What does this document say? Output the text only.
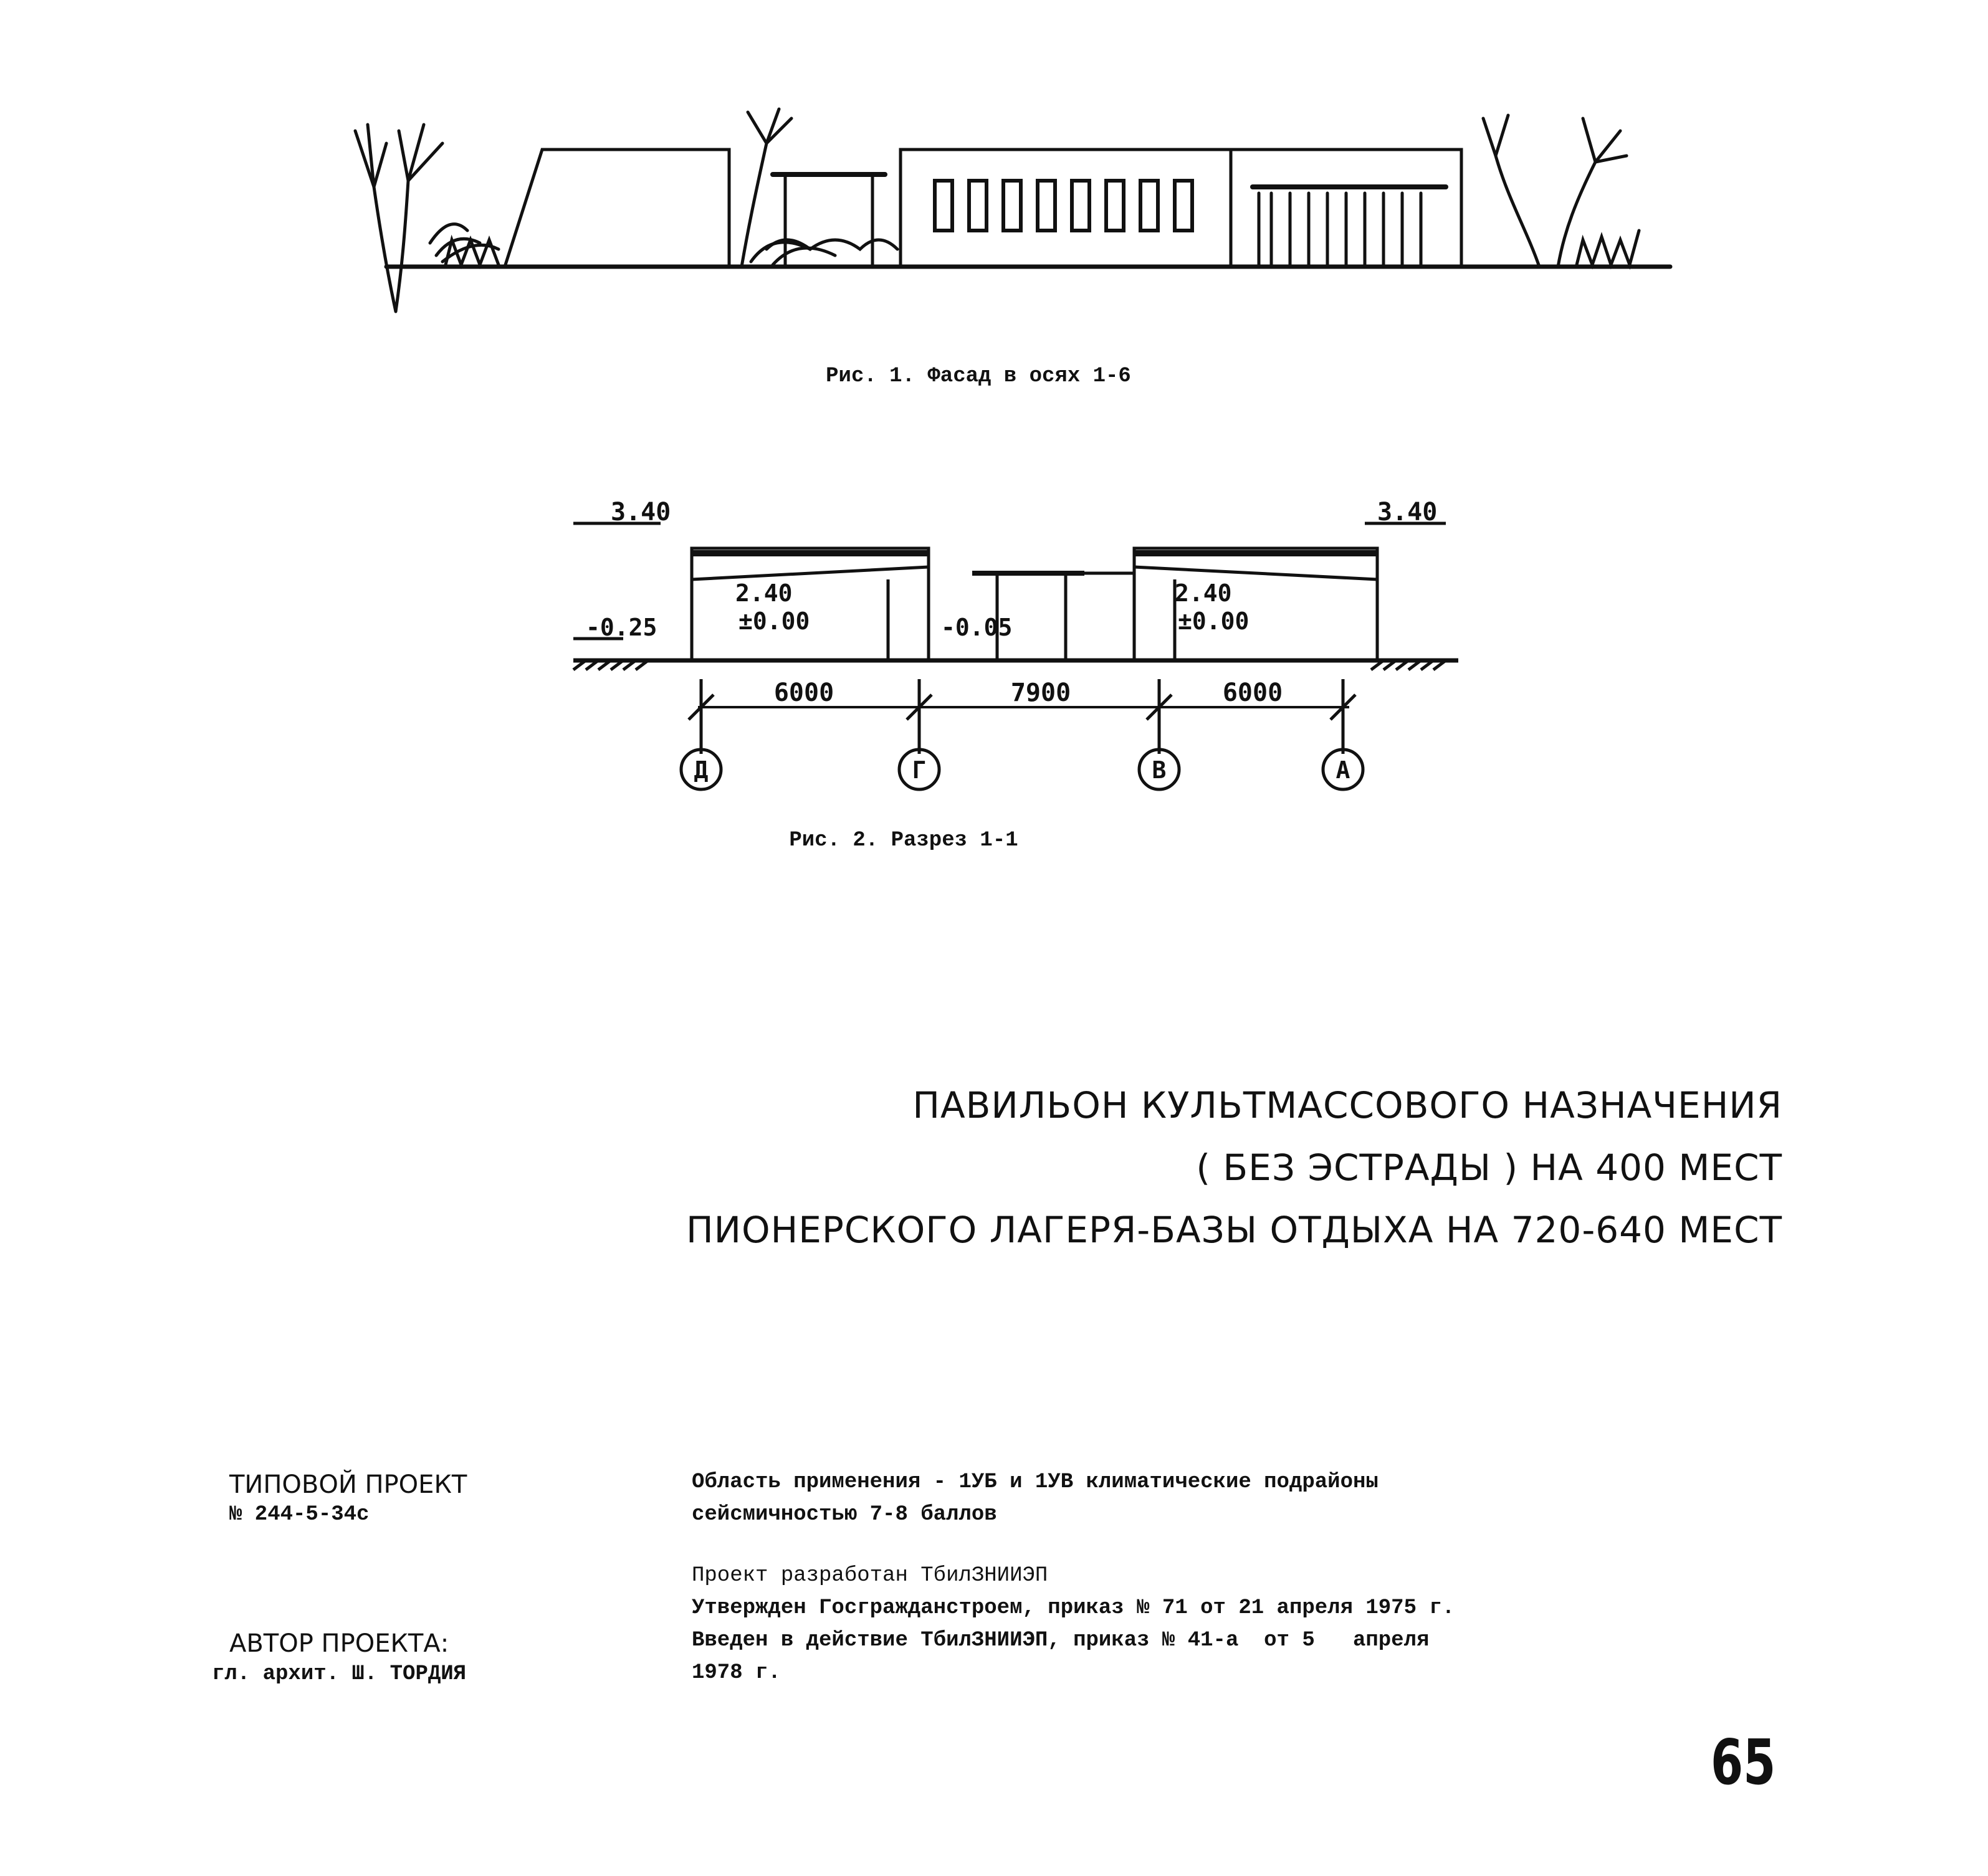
Рис. 1. Фасад в осях 1-6
3.40	3.40
2.40
±0.00
2.40
±0.00
-0.25	-0.05
6000	7900	6000
Д	Г	В	А
Рис. 2. Разрез 1-1
ПАВИЛЬОН КУЛЬТМАССОВОГО НАЗНАЧЕНИЯ
( БЕЗ ЭСТРАДЫ ) НА 400 МЕСТ
ПИОНЕРСКОГО ЛАГЕРЯ-БАЗЫ ОТДЫХА НА 720-640 МЕСТ
ТИПОВОЙ ПРОЕКТ
№ 244-5-34с
АВТОР ПРОЕКТА:
гл. архит. Ш. ТОРДИЯ
Область применения - 1УБ и 1УВ климатические подрайоны
сейсмичностью 7-8 баллов
Проект разработан ТбилЗНИИЭП
Утвержден Госгражданстроем, приказ № 71 от 21 апреля 1975 г.
Введен в действие ТбилЗНИИЭП, приказ № 41-а  от 5   апреля
1978 г.
65
